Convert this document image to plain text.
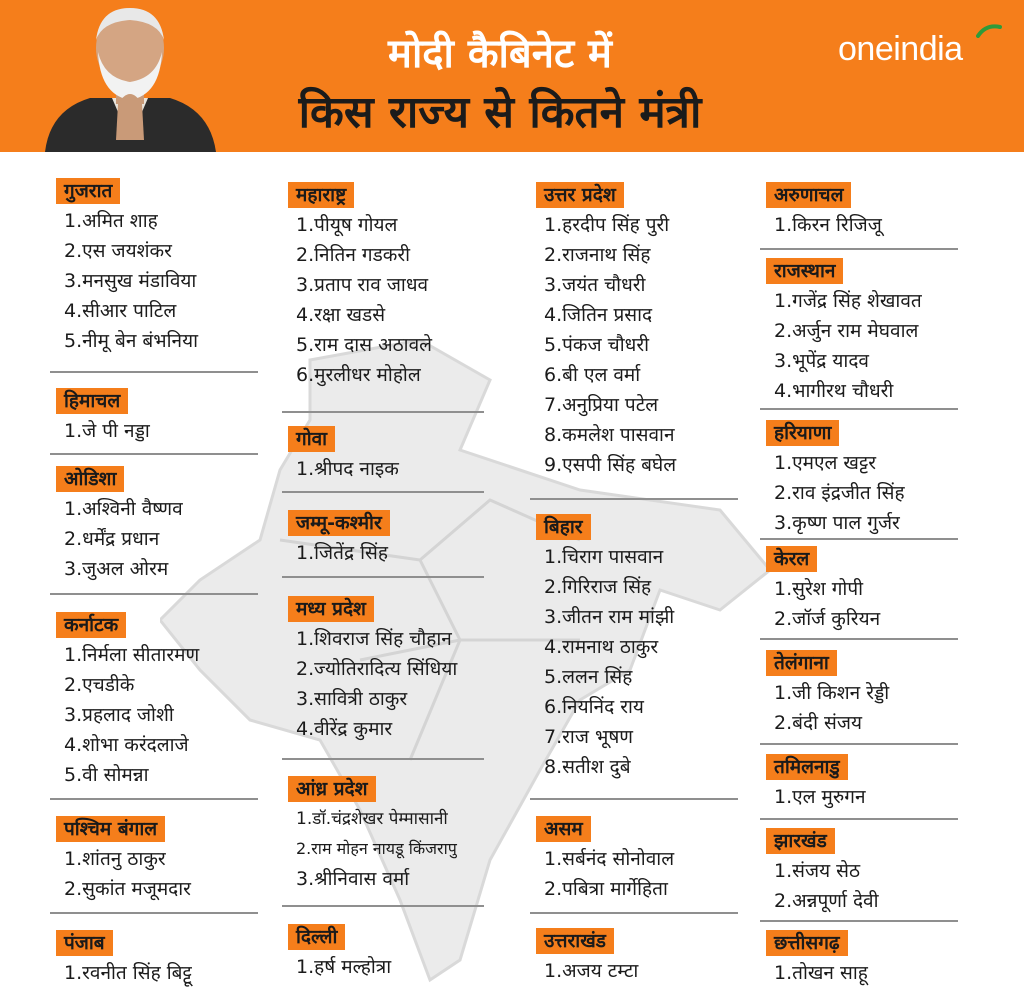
मोदी कैबिनेट में
किस राज्य से कितने मंत्री
oneindia
गुजरात
1.अमित शाह
2.एस जयशंकर
3.मनसुख मंडाविया
4.सीआर पाटिल
5.नीमू बेन बंभनिया
हिमाचल
1.जे पी नड्डा
ओडिशा
1.अश्विनी वैष्णव
2.धर्मेंद्र प्रधान
3.जुअल ओरम
कर्नाटक
1.निर्मला सीतारमण
2.एचडीके
3.प्रहलाद जोशी
4.शोभा करंदलाजे
5.वी सोमन्ना
पश्चिम बंगाल
1.शांतनु ठाकुर
2.सुकांत मजूमदार
पंजाब
1.रवनीत सिंह बिट्टू
महाराष्ट्र
1.पीयूष गोयल
2.नितिन गडकरी
3.प्रताप राव जाधव
4.रक्षा खडसे
5.राम दास अठावले
6.मुरलीधर मोहोल
गोवा
1.श्रीपद नाइक
जम्मू-कश्मीर
1.जितेंद्र सिंह
मध्य प्रदेश
1.शिवराज सिंह चौहान
2.ज्योतिरादित्य सिंधिया
3.सावित्री ठाकुर
4.वीरेंद्र कुमार
आंध्र प्रदेश
1.डॉ.चंद्रशेखर पेम्मासानी
2.राम मोहन नायडू किंजरापु
3.श्रीनिवास वर्मा
दिल्ली
1.हर्ष मल्होत्रा
उत्तर प्रदेश
1.हरदीप सिंह पुरी
2.राजनाथ सिंह
3.जयंत चौधरी
4.जितिन प्रसाद
5.पंकज चौधरी
6.बी एल वर्मा
7.अनुप्रिया पटेल
8.कमलेश पासवान
9.एसपी सिंह बघेल
बिहार
1.चिराग पासवान
2.गिरिराज सिंह
3.जीतन राम मांझी
4.रामनाथ ठाकुर
5.ललन सिंह
6.नियनिंद राय
7.राज भूषण
8.सतीश दुबे
असम
1.सर्बनंद सोनोवाल
2.पबित्रा मार्गेहिता
उत्तराखंड
1.अजय टम्टा
अरुणाचल
1.किरन रिजिजू
राजस्थान
1.गजेंद्र सिंह शेखावत
2.अर्जुन राम मेघवाल
3.भूपेंद्र यादव
4.भागीरथ चौधरी
हरियाणा
1.एमएल खट्टर
2.राव इंद्रजीत सिंह
3.कृष्ण पाल गुर्जर
केरल
1.सुरेश गोपी
2.जॉर्ज कुरियन
तेलंगाना
1.जी किशन रेड्डी
2.बंदी संजय
तमिलनाडु
1.एल मुरुगन
झारखंड
1.संजय सेठ
2.अन्नपूर्णा देवी
छत्तीसगढ़
1.तोखन साहू
